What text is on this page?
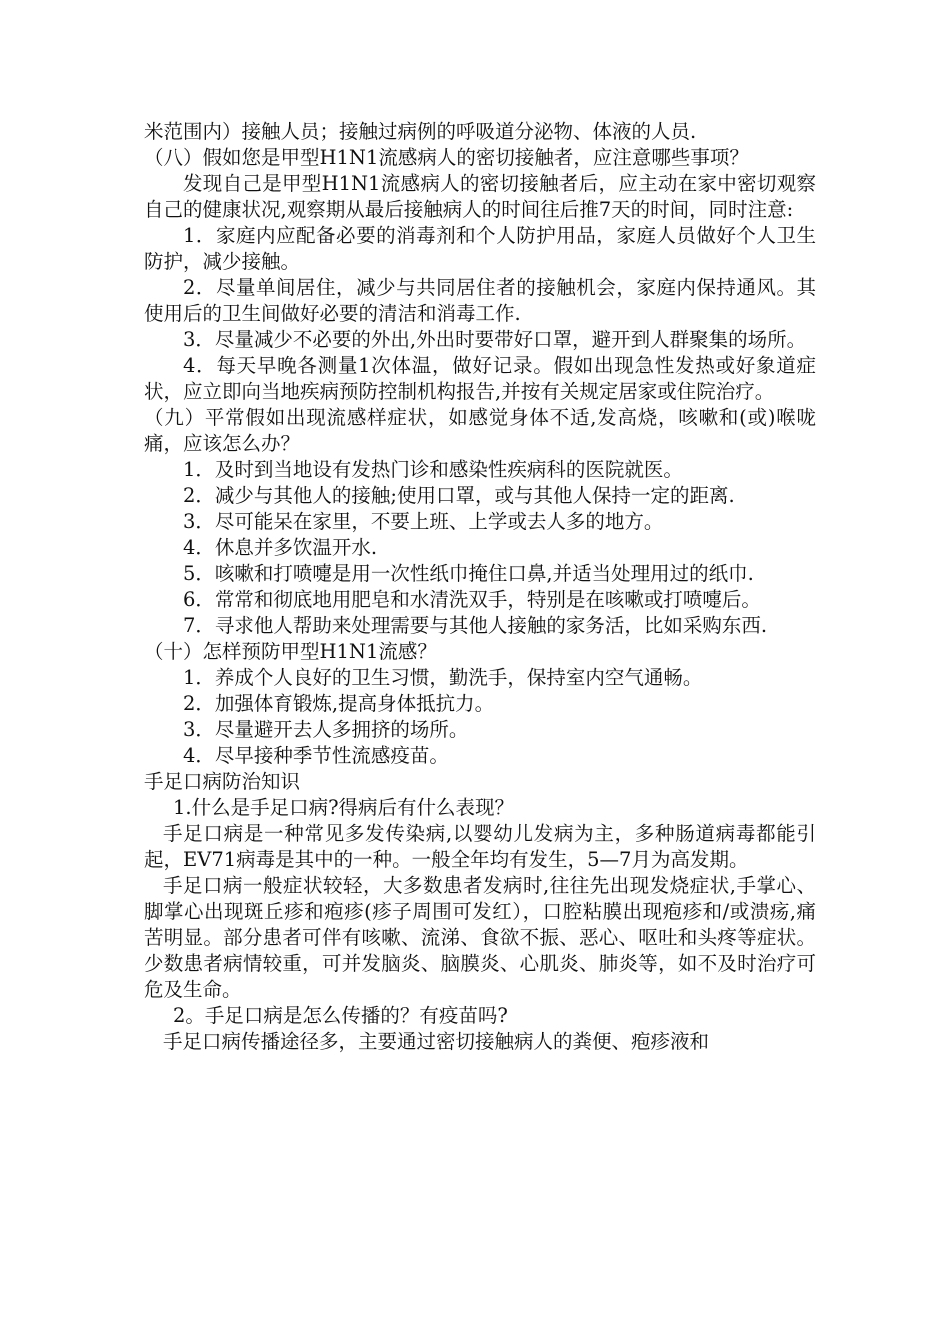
米范围内）接触人员；接触过病例的呼吸道分泌物、体液的人员.

（八）假如您是甲型H1N1流感病人的密切接触者，应注意哪些事项？

发现自己是甲型H1N1流感病人的密切接触者后，应主动在家中密切观察自己的健康状况,观察期从最后接触病人的时间往后推7天的时间，同时注意:

1．家庭内应配备必要的消毒剂和个人防护用品，家庭人员做好个人卫生防护，减少接触。

2．尽量单间居住，减少与共同居住者的接触机会，家庭内保持通风。其使用后的卫生间做好必要的清洁和消毒工作.

3．尽量减少不必要的外出,外出时要带好口罩，避开到人群聚集的场所。

4．每天早晚各测量1次体温，做好记录。假如出现急性发热或好象道症状，应立即向当地疾病预防控制机构报告,并按有关规定居家或住院治疗。

（九）平常假如出现流感样症状，如感觉身体不适,发高烧，咳嗽和(或)喉咙痛，应该怎么办？

1．及时到当地设有发热门诊和感染性疾病科的医院就医。

2．减少与其他人的接触;使用口罩，或与其他人保持一定的距离.

3．尽可能呆在家里，不要上班、上学或去人多的地方。

4．休息并多饮温开水.

5．咳嗽和打喷嚏是用一次性纸巾掩住口鼻,并适当处理用过的纸巾.

6．常常和彻底地用肥皂和水清洗双手，特别是在咳嗽或打喷嚏后。

7．寻求他人帮助来处理需要与其他人接触的家务活，比如采购东西.

（十）怎样预防甲型H1N1流感？

1．养成个人良好的卫生习惯，勤洗手，保持室内空气通畅。

2．加强体育锻炼,提高身体抵抗力。

3．尽量避开去人多拥挤的场所。

4．尽早接种季节性流感疫苗。

手足口病防治知识

1.什么是手足口病?得病后有什么表现？

手足口病是一种常见多发传染病,以婴幼儿发病为主，多种肠道病毒都能引起，EV71病毒是其中的一种。一般全年均有发生，5—7月为高发期。

手足口病一般症状较轻，大多数患者发病时,往往先出现发烧症状,手掌心、脚掌心出现斑丘疹和疱疹(疹子周围可发红），口腔粘膜出现疱疹和/或溃疡,痛苦明显。部分患者可伴有咳嗽、流涕、食欲不振、恶心、呕吐和头疼等症状。少数患者病情较重，可并发脑炎、脑膜炎、心肌炎、肺炎等，如不及时治疗可危及生命。

2。手足口病是怎么传播的？有疫苗吗?

手足口病传播途径多，主要通过密切接触病人的粪便、疱疹液和
